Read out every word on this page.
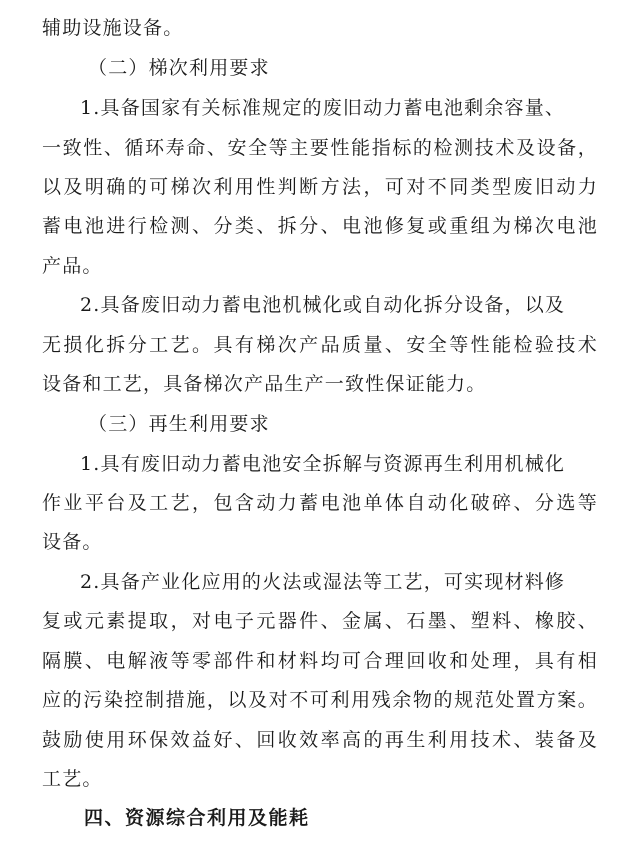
辅助设施设备。
（二）梯次利用要求
1.具备国家有关标准规定的废旧动力蓄电池剩余容量、
一致性、循环寿命、安全等主要性能指标的检测技术及设备，
以及明确的可梯次利用性判断方法，可对不同类型废旧动力
蓄电池进行检测、分类、拆分、电池修复或重组为梯次电池
产品。
2.具备废旧动力蓄电池机械化或自动化拆分设备，以及
无损化拆分工艺。具有梯次产品质量、安全等性能检验技术
设备和工艺，具备梯次产品生产一致性保证能力。
（三）再生利用要求
1.具有废旧动力蓄电池安全拆解与资源再生利用机械化
作业平台及工艺，包含动力蓄电池单体自动化破碎、分选等
设备。
2.具备产业化应用的火法或湿法等工艺，可实现材料修
复或元素提取，对电子元器件、金属、石墨、塑料、橡胶、
隔膜、电解液等零部件和材料均可合理回收和处理，具有相
应的污染控制措施，以及对不可利用残余物的规范处置方案。
鼓励使用环保效益好、回收效率高的再生利用技术、装备及
工艺。
四、资源综合利用及能耗
